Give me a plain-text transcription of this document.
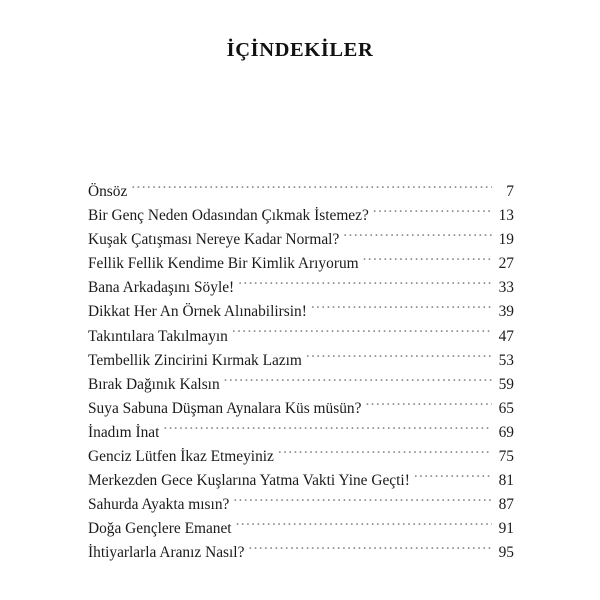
İÇİNDEKİLER
Önsöz .....	7
Bir Genç Neden Odasından Çıkmak İstemez? .....	13
Kuşak Çatışması Nereye Kadar Normal? .....	19
Fellik Fellik Kendime Bir Kimlik Arıyorum .....	27
Bana Arkadaşını Söyle! .....	33
Dikkat Her An Örnek Alınabilirsin! .....	39
Takıntılara Takılmayın .....	47
Tembellik Zincirini Kırmak Lazım .....	53
Bırak Dağınık Kalsın .....	59
Suya Sabuna Düşman Aynalara Küs müsün? .....	65
İnadım İnat .....	69
Genciz Lütfen İkaz Etmeyiniz .....	75
Merkezden Gece Kuşlarına Yatma Vakti Yine Geçti! .....	81
Sahurda Ayakta mısın? .....	87
Doğa Gençlere Emanet .....	91
İhtiyarlarla Aranız Nasıl? .....	95
